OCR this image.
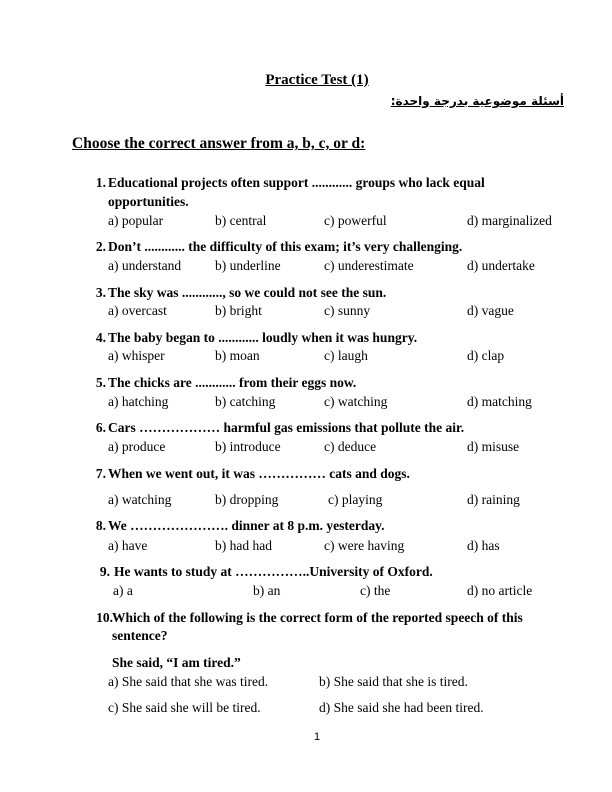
Practice Test (1)
أسئلة موضوعية بدرجة واحدة:
Choose the correct answer from a, b, c, or d:
1. Educational projects often support ............ groups who lack equal
opportunities.
a) popular	b) central	c) powerful	d) marginalized
2. Don’t ............ the difficulty of this exam; it’s very challenging.
a) understand	b) underline	c) underestimate	d) undertake
3. The sky was ............, so we could not see the sun.
a) overcast	b) bright	c) sunny	d) vague
4. The baby began to ............ loudly when it was hungry.
a) whisper	b) moan	c) laugh	d) clap
5. The chicks are ............ from their eggs now.
a) hatching	b) catching	c) watching	d) matching
6. Cars ……………… harmful gas emissions that pollute the air.
a) produce	b) introduce	c) deduce	d) misuse
7. When we went out, it was …………… cats and dogs.
a) watching	b) dropping	c) playing	d) raining
8. We …………………. dinner at 8 p.m. yesterday.
a) have	b) had had	c) were having	d) has
9. He wants to study at ……………..University of Oxford.
a) a	b) an	c) the	d) no article
10. Which of the following is the correct form of the reported speech of this
sentence?
She said, “I am tired.”
a) She said that she was tired.	b) She said that she is tired.
c) She said she will be tired.	d) She said she had been tired.
1
